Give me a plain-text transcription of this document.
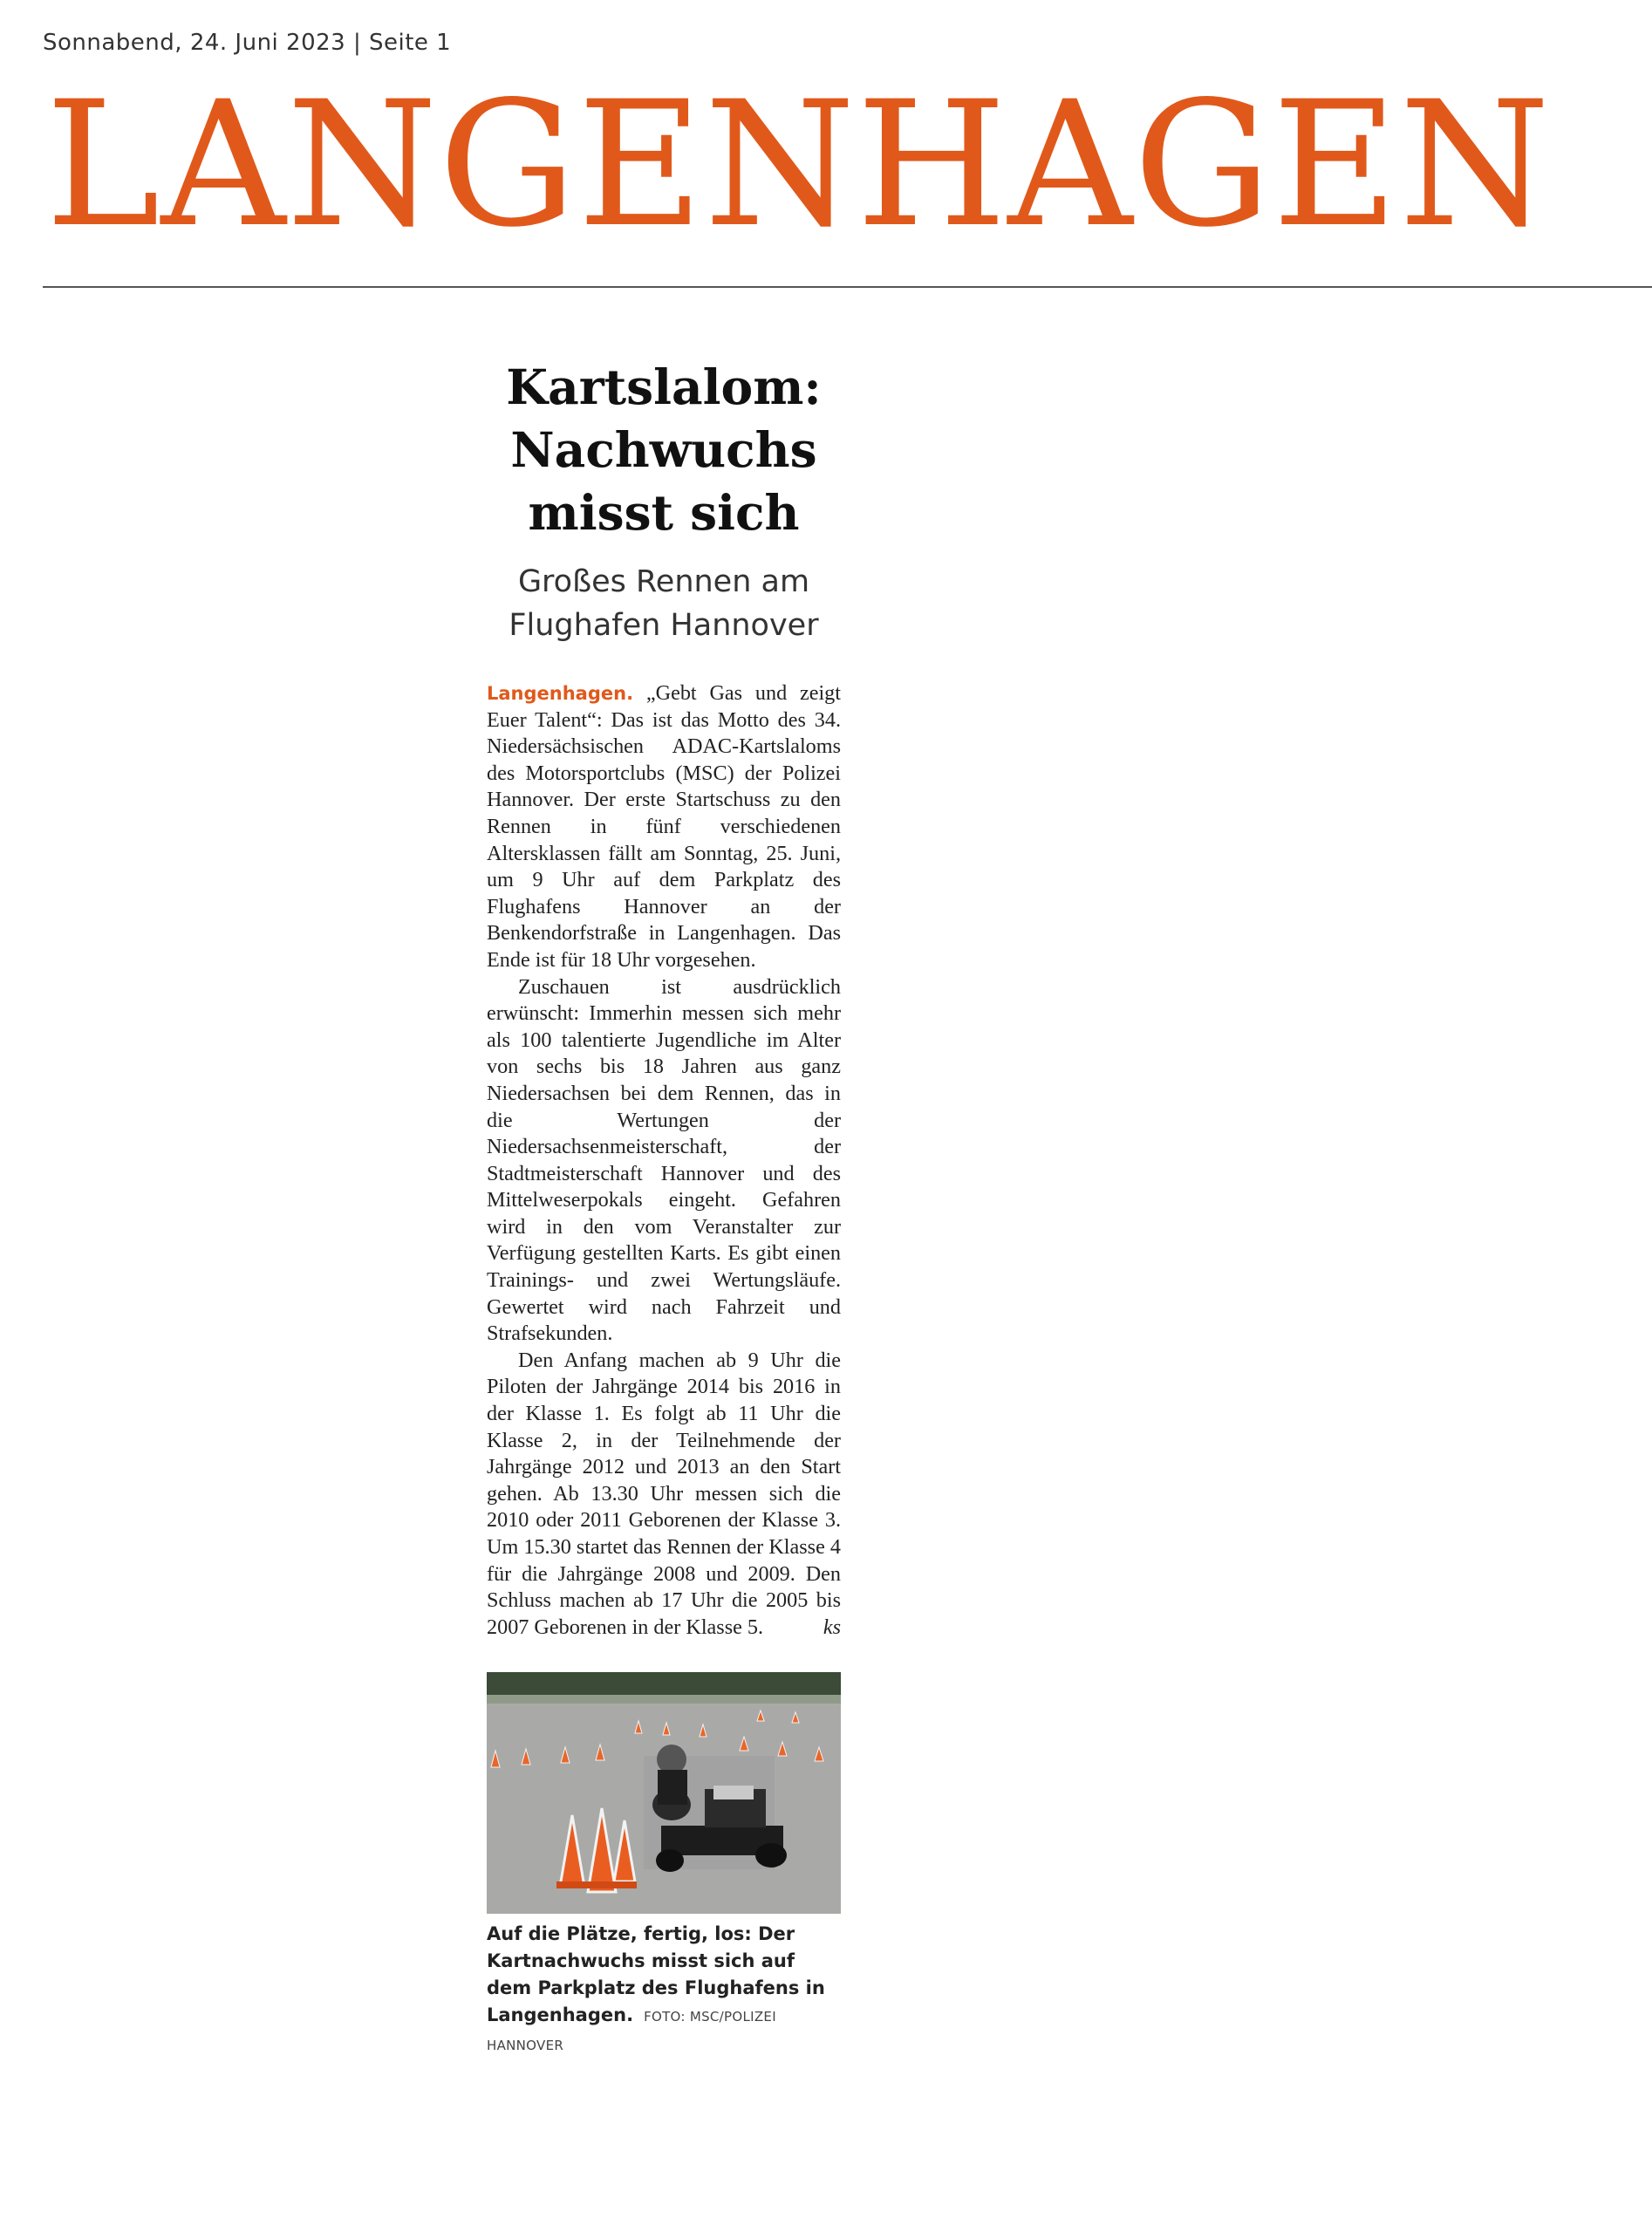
Sonnabend, 24. Juni 2023 | Seite 1
LANGENHAGEN
Kartslalom:
Nachwuchs
misst sich
Großes Rennen am
Flughafen Hannover

Langenhagen. „Gebt Gas und zeigt Euer Talent“: Das ist das Motto des 34. Niedersächsischen ADAC-Kartslaloms des Motorsportclubs (MSC) der Polizei Hannover. Der erste Startschuss zu den Rennen in fünf verschiedenen Altersklassen fällt am Sonntag, 25. Juni, um 9 Uhr auf dem Parkplatz des Flughafens Hannover an der Benkendorfstraße in Langenhagen. Das Ende ist für 18 Uhr vorgesehen.

Zuschauen ist ausdrücklich erwünscht: Immerhin messen sich mehr als 100 talentierte Jugendliche im Alter von sechs bis 18 Jahren aus ganz Niedersachsen bei dem Rennen, das in die Wertungen der Niedersachsenmeisterschaft, der Stadtmeisterschaft Hannover und des Mittelweserpokals eingeht. Gefahren wird in den vom Veranstalter zur Verfügung gestellten Karts. Es gibt einen Trainings- und zwei Wertungsläufe. Gewertet wird nach Fahrzeit und Strafsekunden.

Den Anfang machen ab 9 Uhr die Piloten der Jahrgänge 2014 bis 2016 in der Klasse 1. Es folgt ab 11 Uhr die Klasse 2, in der Teilnehmende der Jahrgänge 2012 und 2013 an den Start gehen. Ab 13.30 Uhr messen sich die 2010 oder 2011 Geborenen der Klasse 3. Um 15.30 startet das Rennen der Klasse 4 für die Jahrgänge 2008 und 2009. Den Schluss machen ab 17 Uhr die 2005 bis 2007 Geborenen in der Klasse 5.	ks

Auf die Plätze, fertig, los: Der Kartnachwuchs misst sich auf dem Parkplatz des Flughafens in Langenhagen. FOTO: MSC/POLIZEI HANNOVER
